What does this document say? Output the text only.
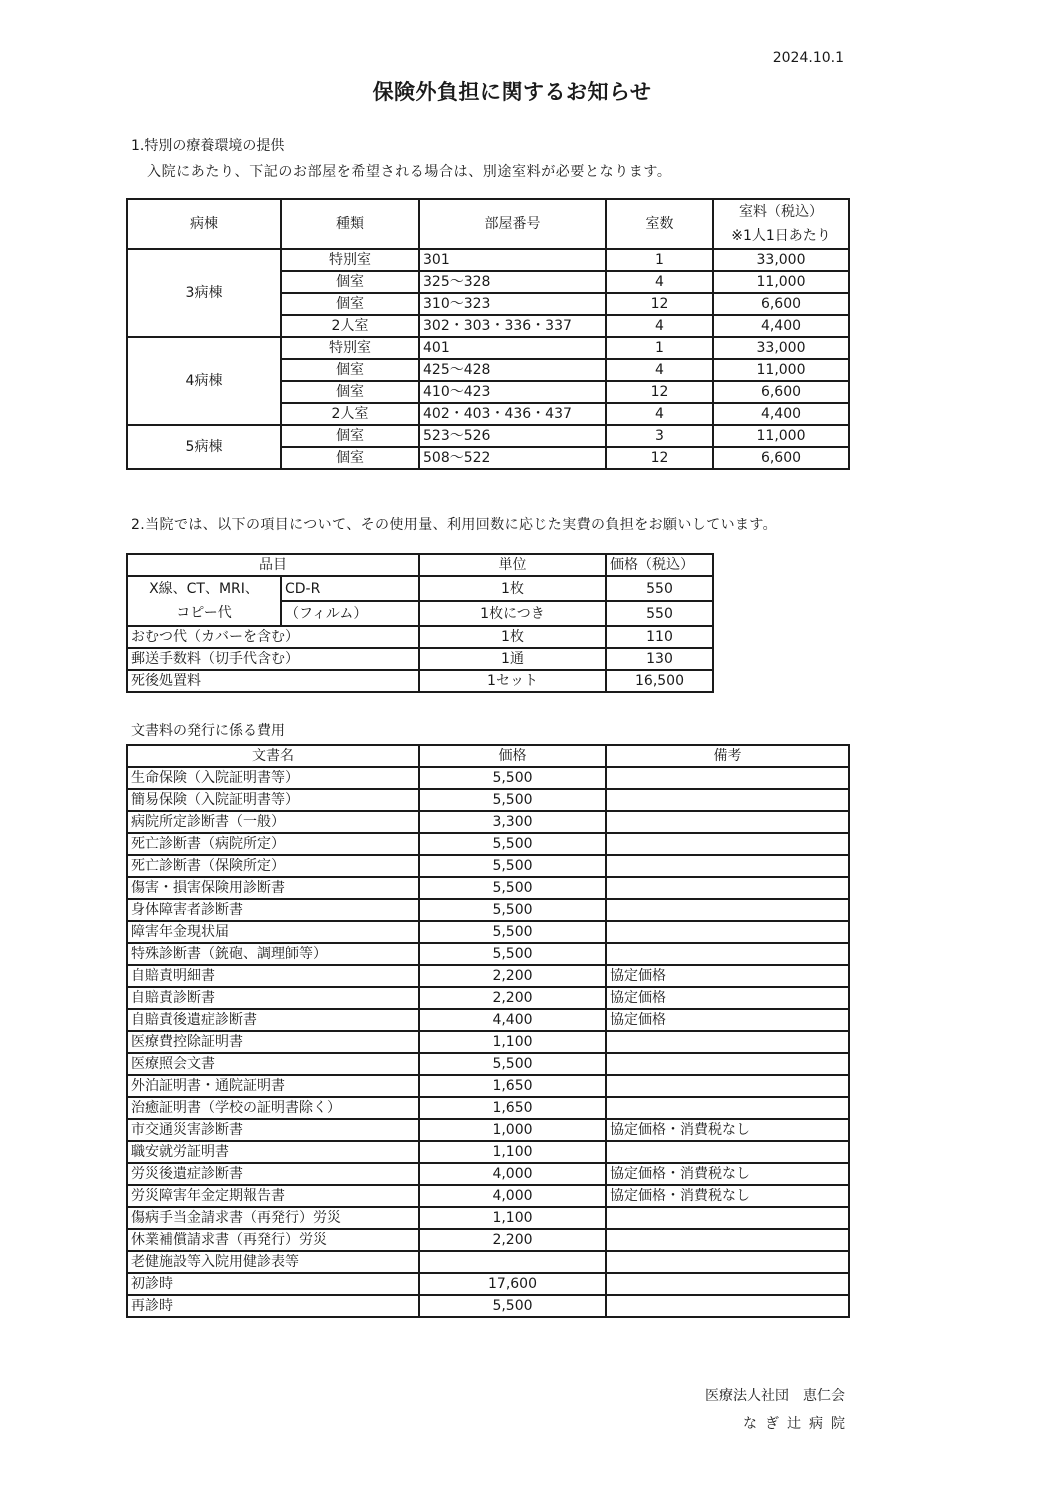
2024.10.1
保険外負担に関するお知らせ
1.特別の療養環境の提供
入院にあたり、下記のお部屋を希望される場合は、別途室料が必要となります。
病棟	種類	部屋番号	室数	室料（税込）
※1人1日あたり

3病棟	特別室	301	1	33,000
	個室	325〜328	4	11,000
	個室	310〜323	12	6,600
	2人室	302・303・336・337	4	4,400
4病棟	特別室	401	1	33,000
	個室	425〜428	4	11,000
	個室	410〜423	12	6,600
	2人室	402・403・436・437	4	4,400
5病棟	個室	523〜526	3	11,000
	個室	508〜522	12	6,600
2.当院では、以下の項目について、その使用量、利用回数に応じた実費の負担をお願いしています。
品目		単位	価格（税込）

X線、CT、MRI、
コピー代	CD-R	1枚	550
	（フィルム）	1枚につき	550
おむつ代（カバーを含む）		1枚	110
郵送手数料（切手代含む）		1通	130
死後処置料		1セット	16,500
文書料の発行に係る費用
文書名	価格	備考
生命保険（入院証明書等）	5,500	
簡易保険（入院証明書等）	5,500	
病院所定診断書（一般）	3,300	
死亡診断書（病院所定）	5,500	
死亡診断書（保険所定）	5,500	
傷害・損害保険用診断書	5,500	
身体障害者診断書	5,500	
障害年金現状届	5,500	
特殊診断書（銃砲、調理師等）	5,500	
自賠責明細書	2,200	協定価格
自賠責診断書	2,200	協定価格
自賠責後遺症診断書	4,400	協定価格
医療費控除証明書	1,100	
医療照会文書	5,500	
外泊証明書・通院証明書	1,650	
治癒証明書（学校の証明書除く）	1,650	
市交通災害診断書	1,000	協定価格・消費税なし
職安就労証明書	1,100	
労災後遺症診断書	4,000	協定価格・消費税なし
労災障害年金定期報告書	4,000	協定価格・消費税なし
傷病手当金請求書（再発行）労災	1,100	
休業補償請求書（再発行）労災	2,200	
老健施設等入院用健診表等		
初診時	17,600	
再診時	5,500	
医療法人社団　恵仁会
なぎ辻病院
